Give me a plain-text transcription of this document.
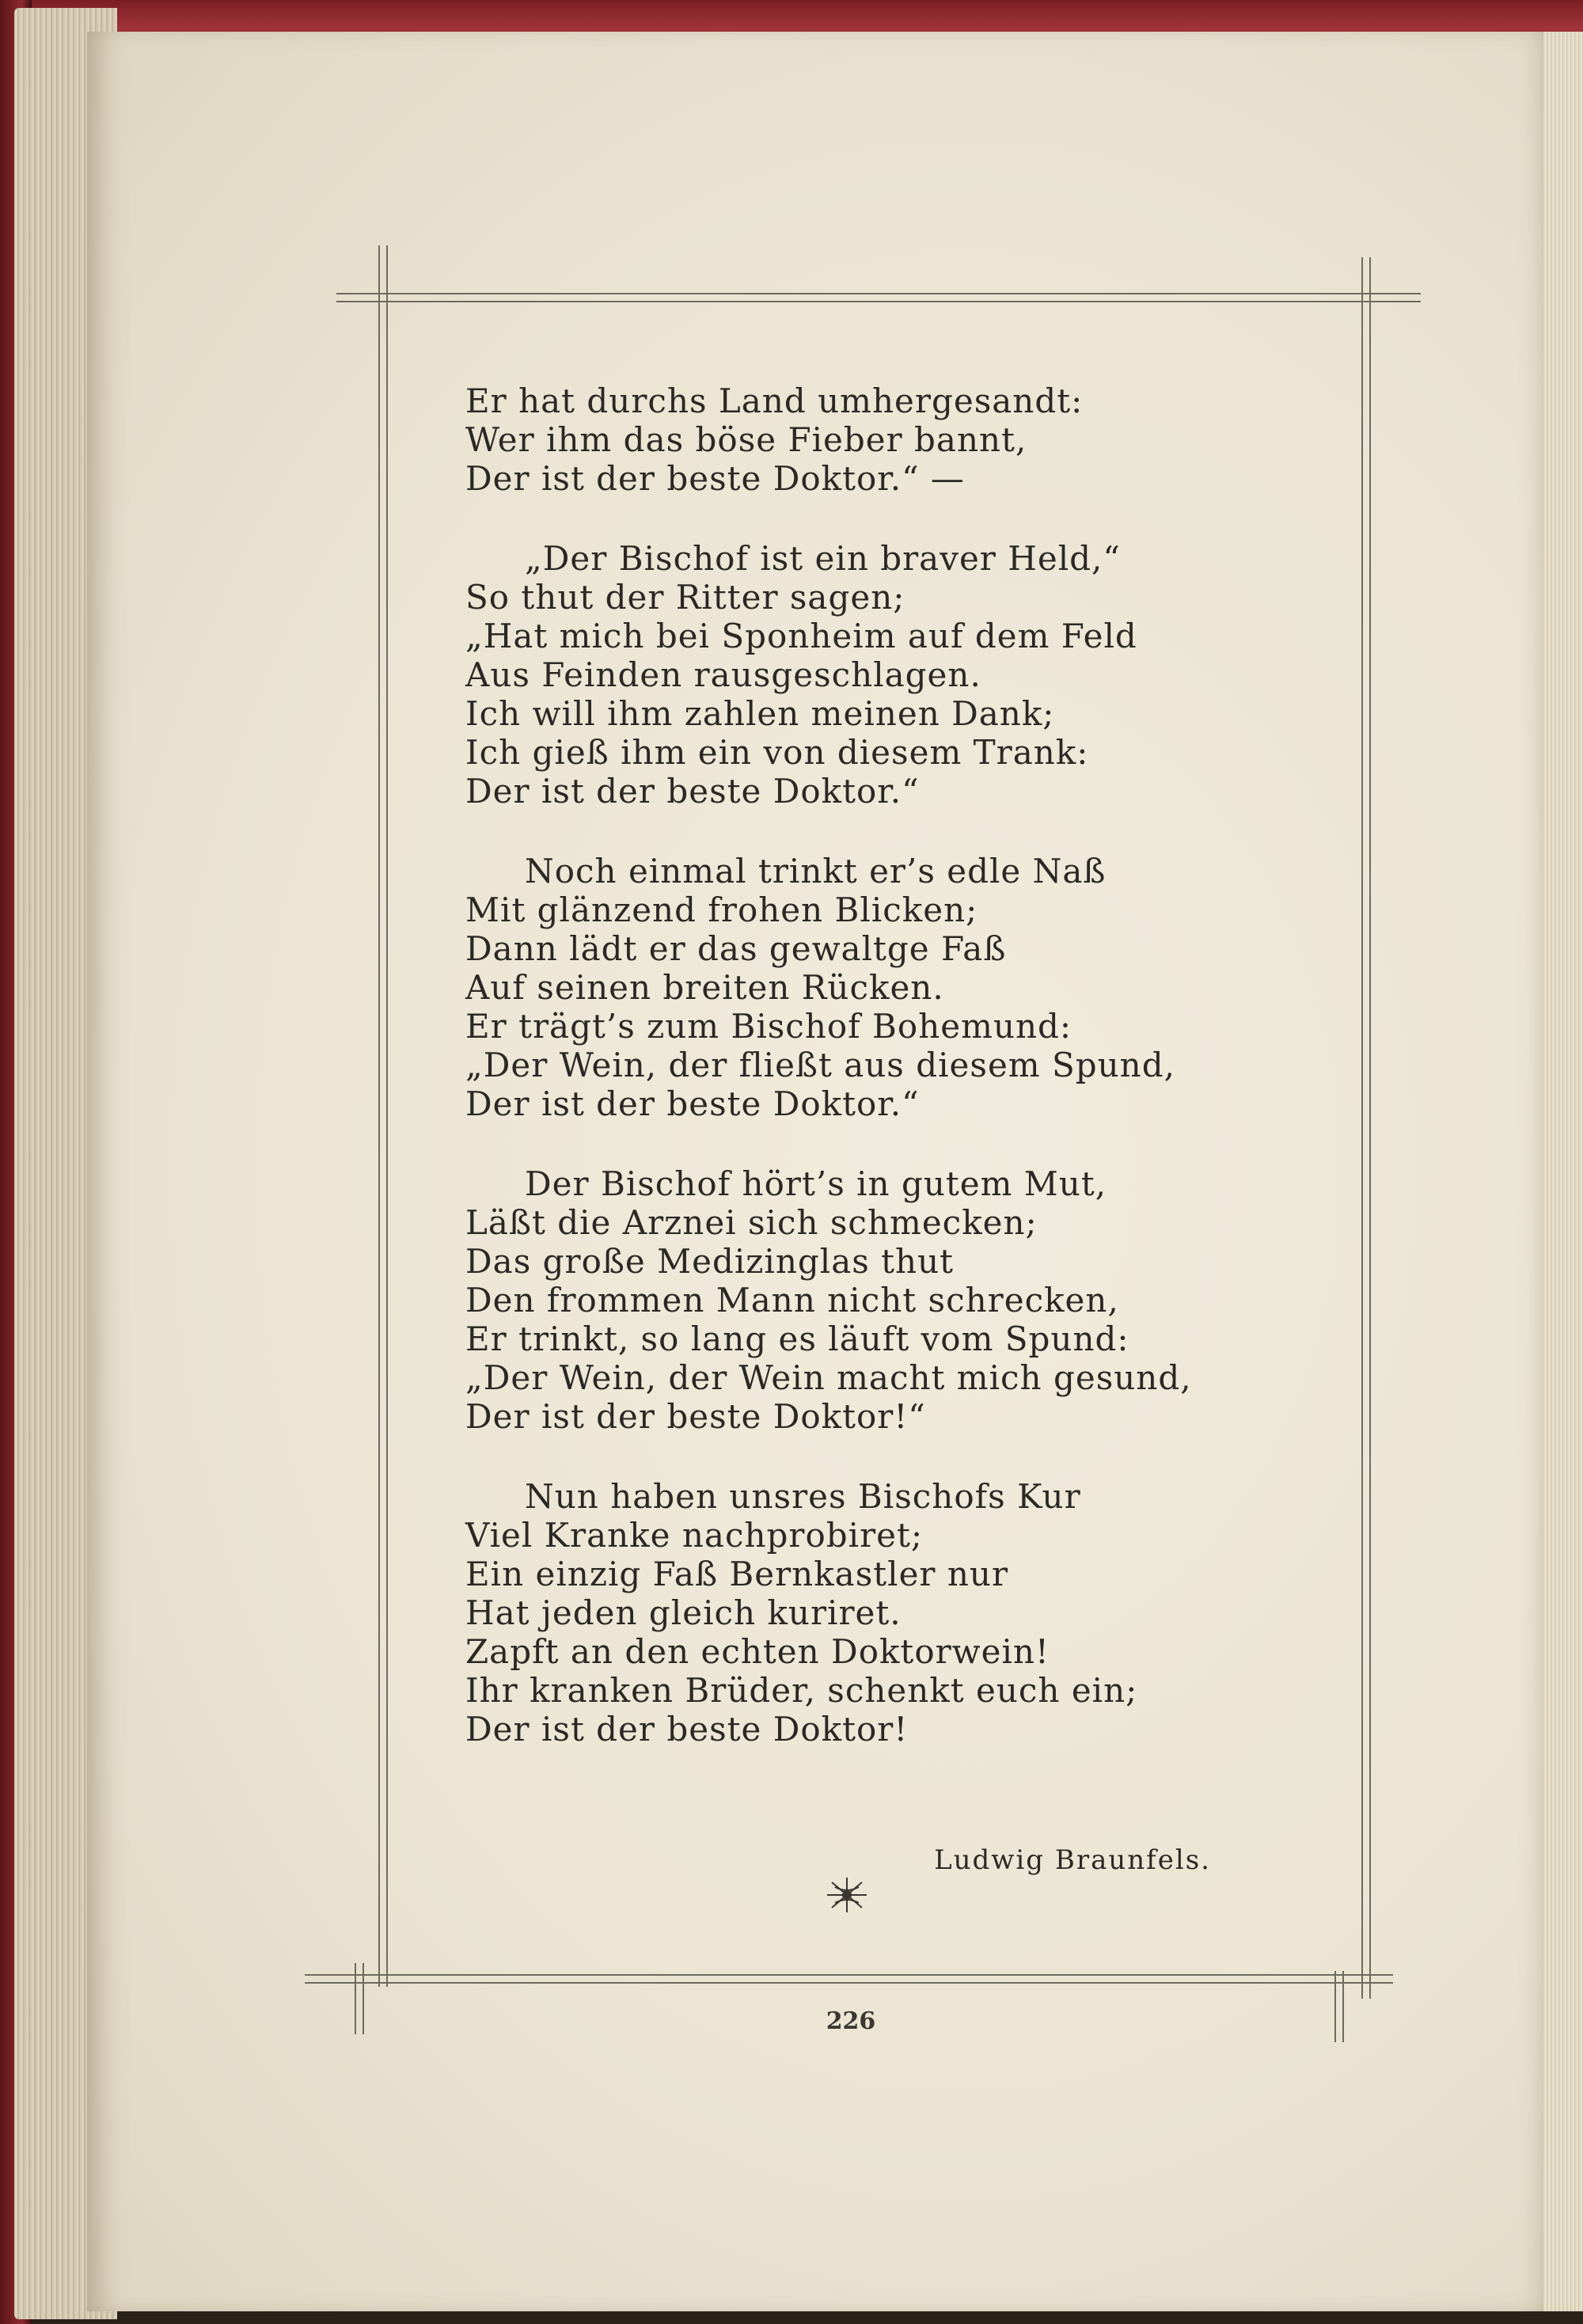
Er hat durchs Land umhergesandt:
Wer ihm das böse Fieber bannt,
Der ist der beste Doktor.“ —
„Der Bischof ist ein braver Held,“
So thut der Ritter sagen;
„Hat mich bei Sponheim auf dem Feld
Aus Feinden rausgeschlagen.
Ich will ihm zahlen meinen Dank;
Ich gieß ihm ein von diesem Trank:
Der ist der beste Doktor.“
Noch einmal trinkt er’s edle Naß
Mit glänzend frohen Blicken;
Dann lädt er das gewaltge Faß
Auf seinen breiten Rücken.
Er trägt’s zum Bischof Bohemund:
„Der Wein, der fließt aus diesem Spund,
Der ist der beste Doktor.“
Der Bischof hört’s in gutem Mut,
Läßt die Arznei sich schmecken;
Das große Medizinglas thut
Den frommen Mann nicht schrecken,
Er trinkt, so lang es läuft vom Spund:
„Der Wein, der Wein macht mich gesund,
Der ist der beste Doktor!“
Nun haben unsres Bischofs Kur
Viel Kranke nachprobiret;
Ein einzig Faß Bernkastler nur
Hat jeden gleich kuriret.
Zapft an den echten Doktorwein!
Ihr kranken Brüder, schenkt euch ein;
Der ist der beste Doktor!
Ludwig Braunfels.
226
